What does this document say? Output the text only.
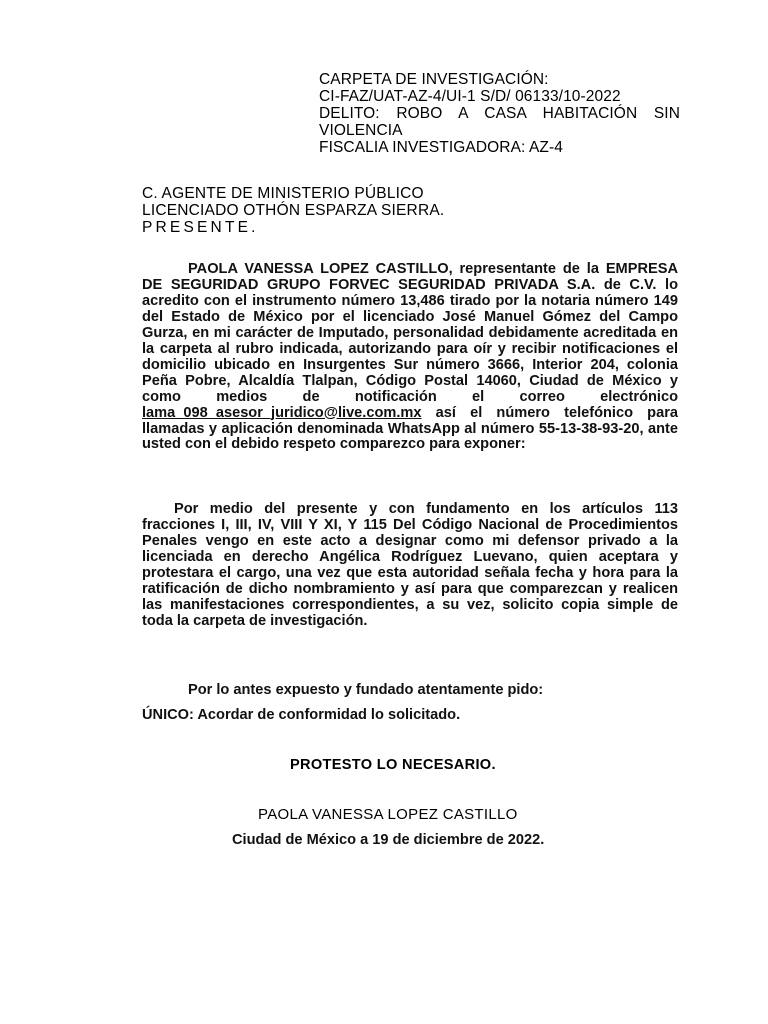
CARPETA DE INVESTIGACIÓN:
CI-FAZ/UAT-AZ-4/UI-1 S/D/ 06133/10-2022
DELITO: ROBO A CASA HABITACIÓN SIN VIOLENCIA
FISCALIA INVESTIGADORA: AZ-4
C. AGENTE DE MINISTERIO PÚBLICO
LICENCIADO OTHÓN ESPARZA SIERRA.
PRESENTE.
PAOLA VANESSA LOPEZ CASTILLO, representante de la EMPRESA DE SEGURIDAD GRUPO FORVEC SEGURIDAD PRIVADA S.A. de C.V. lo acredito con el instrumento número 13,486 tirado por la notaria número 149 del Estado de México por el licenciado José Manuel Gómez del Campo Gurza, en mi carácter de Imputado, personalidad debidamente acreditada en la carpeta al rubro indicada, autorizando para oír y recibir notificaciones el domicilio ubicado en Insurgentes Sur número 3666, Interior 204, colonia Peña Pobre, Alcaldía Tlalpan, Código Postal 14060, Ciudad de México y como medios de notificación el correo electrónico lama_098_asesor_juridico@live.com.mx así el número telefónico para llamadas y aplicación denominada WhatsApp al número 55-13-38-93-20, ante usted con el debido respeto comparezco para exponer:
Por medio del presente y con fundamento en los artículos 113 fracciones I, III, IV, VIII Y XI, Y 115 Del Código Nacional de Procedimientos Penales vengo en este acto a designar como mi defensor privado a la licenciada en derecho Angélica Rodríguez Luevano, quien aceptara y protestara el cargo, una vez que esta autoridad señala fecha y hora para la ratificación de dicho nombramiento y así para que comparezcan y realicen las manifestaciones correspondientes, a su vez, solicito copia simple de toda la carpeta de investigación.
Por lo antes expuesto y fundado atentamente pido:
ÚNICO: Acordar de conformidad lo solicitado.
PROTESTO LO NECESARIO.
PAOLA VANESSA LOPEZ CASTILLO
Ciudad de México a 19 de diciembre de 2022.
